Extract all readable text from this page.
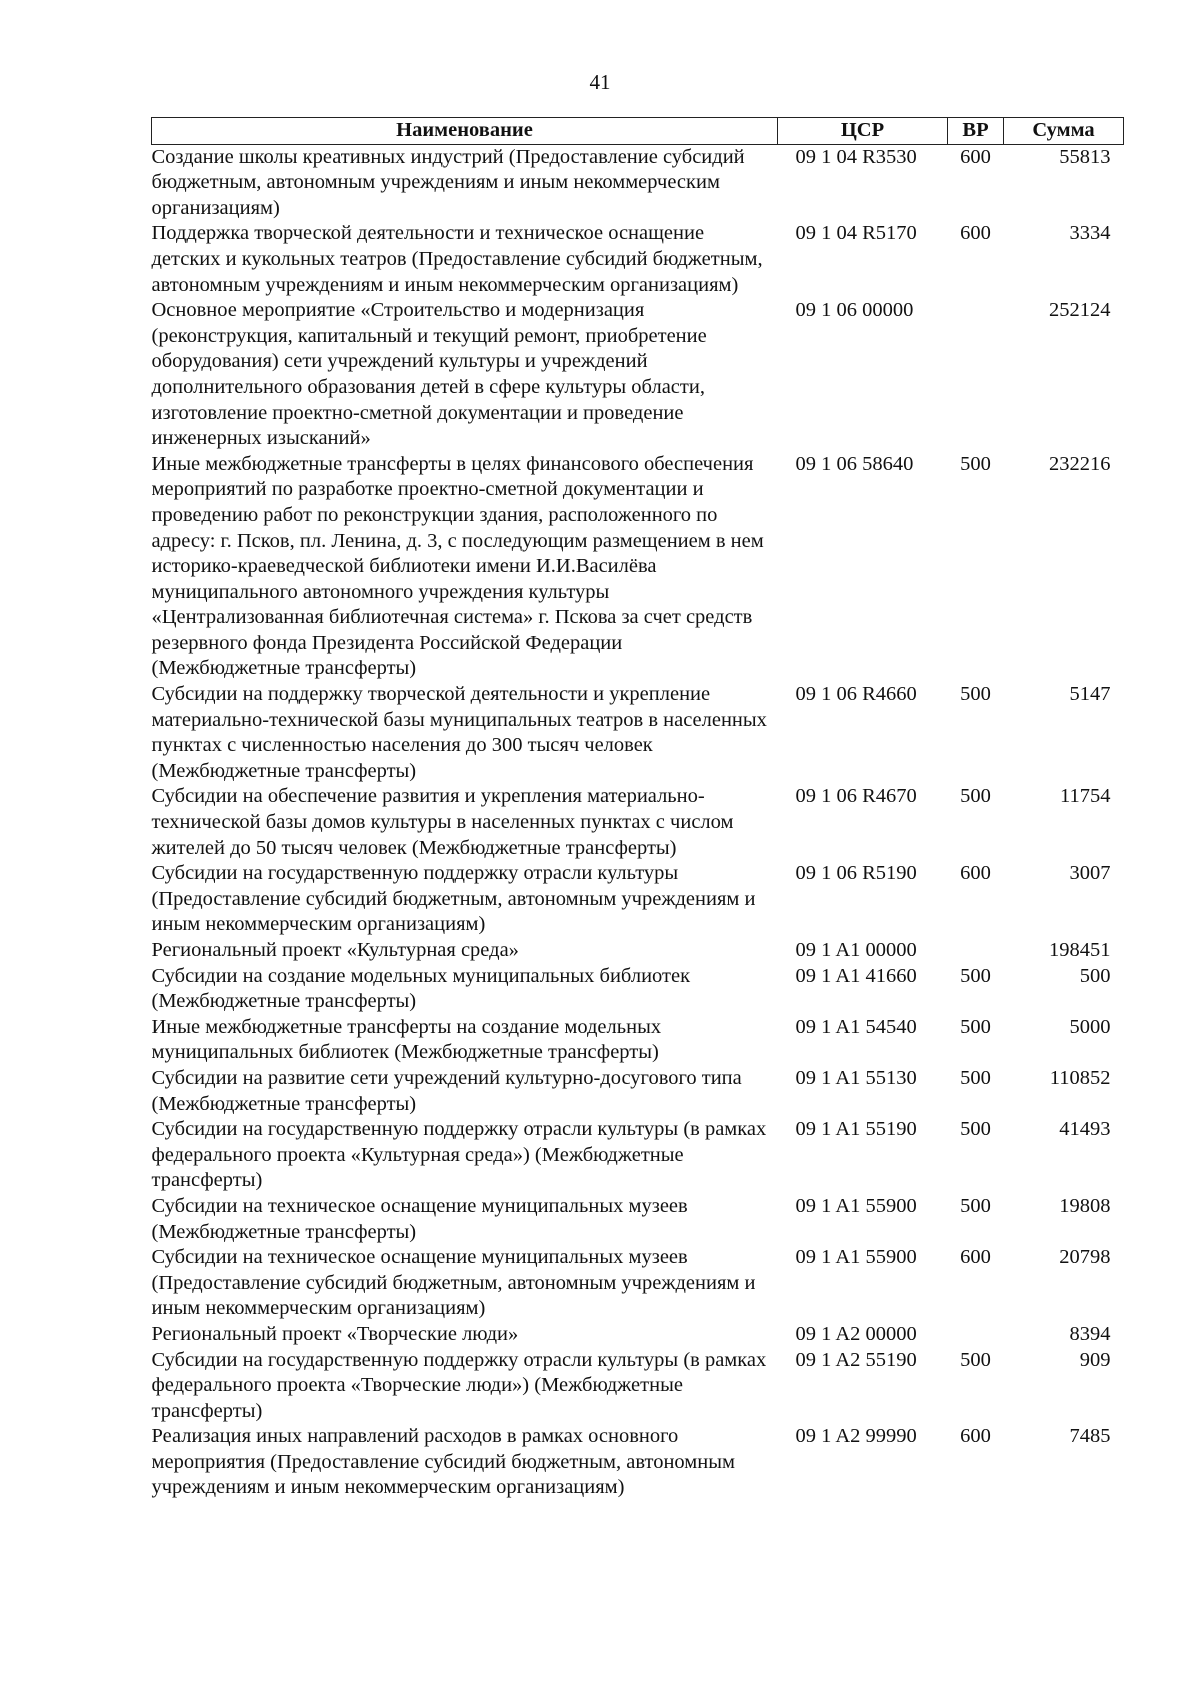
41
Наименование	ЦСР	ВР	Сумма
Создание школы креативных индустрий (Предоставление субсидий бюджетным, автономным учреждениям и иным некоммерческим организациям)	09 1 04 R3530	600	55813
Поддержка творческой деятельности и техническое оснащение детских и кукольных театров (Предоставление субсидий бюджетным, автономным учреждениям и иным некоммерческим организациям)	09 1 04 R5170	600	3334
Основное мероприятие «Строительство и модернизация (реконструкция, капитальный и текущий ремонт, приобретение оборудования) сети учреждений культуры и учреждений дополнительного образования детей в сфере культуры области, изготовление проектно-сметной документации и проведение инженерных изысканий»	09 1 06 00000		252124
Иные межбюджетные трансферты в целях финансового обеспечения мероприятий по разработке проектно-сметной документации и проведению работ по реконструкции здания, расположенного по адресу: г. Псков, пл. Ленина, д. 3, с последующим размещением в нем историко-краеведческой библиотеки имени И.И.Василёва муниципального автономного учреждения культуры «Централизованная библиотечная система» г. Пскова за счет средств резервного фонда Президента Российской Федерации (Межбюджетные трансферты)	09 1 06 58640	500	232216
Субсидии на поддержку творческой деятельности и укрепление материально-технической базы муниципальных театров в населенных пунктах с численностью населения до 300 тысяч человек (Межбюджетные трансферты)	09 1 06 R4660	500	5147
Субсидии на обеспечение развития и укрепления материально-технической базы домов культуры в населенных пунктах с числом жителей до 50 тысяч человек (Межбюджетные трансферты)	09 1 06 R4670	500	11754
Субсидии на государственную поддержку отрасли культуры (Предоставление субсидий бюджетным, автономным учреждениям и иным некоммерческим организациям)	09 1 06 R5190	600	3007
Региональный проект «Культурная среда»	09 1 A1 00000		198451
Субсидии на создание модельных муниципальных библиотек (Межбюджетные трансферты)	09 1 A1 41660	500	500
Иные межбюджетные трансферты на создание модельных муниципальных библиотек (Межбюджетные трансферты)	09 1 A1 54540	500	5000
Субсидии на развитие сети учреждений культурно-досугового типа (Межбюджетные трансферты)	09 1 A1 55130	500	110852
Субсидии на государственную поддержку отрасли культуры (в рамках федерального проекта «Культурная среда») (Межбюджетные трансферты)	09 1 A1 55190	500	41493
Субсидии на техническое оснащение муниципальных музеев (Межбюджетные трансферты)	09 1 A1 55900	500	19808
Субсидии на техническое оснащение муниципальных музеев (Предоставление субсидий бюджетным, автономным учреждениям и иным некоммерческим организациям)	09 1 A1 55900	600	20798
Региональный проект «Творческие люди»	09 1 A2 00000		8394
Субсидии на государственную поддержку отрасли культуры (в рамках федерального проекта «Творческие люди») (Межбюджетные трансферты)	09 1 A2 55190	500	909
Реализация иных направлений расходов в рамках основного мероприятия (Предоставление субсидий бюджетным, автономным учреждениям и иным некоммерческим организациям)	09 1 A2 99990	600	7485
